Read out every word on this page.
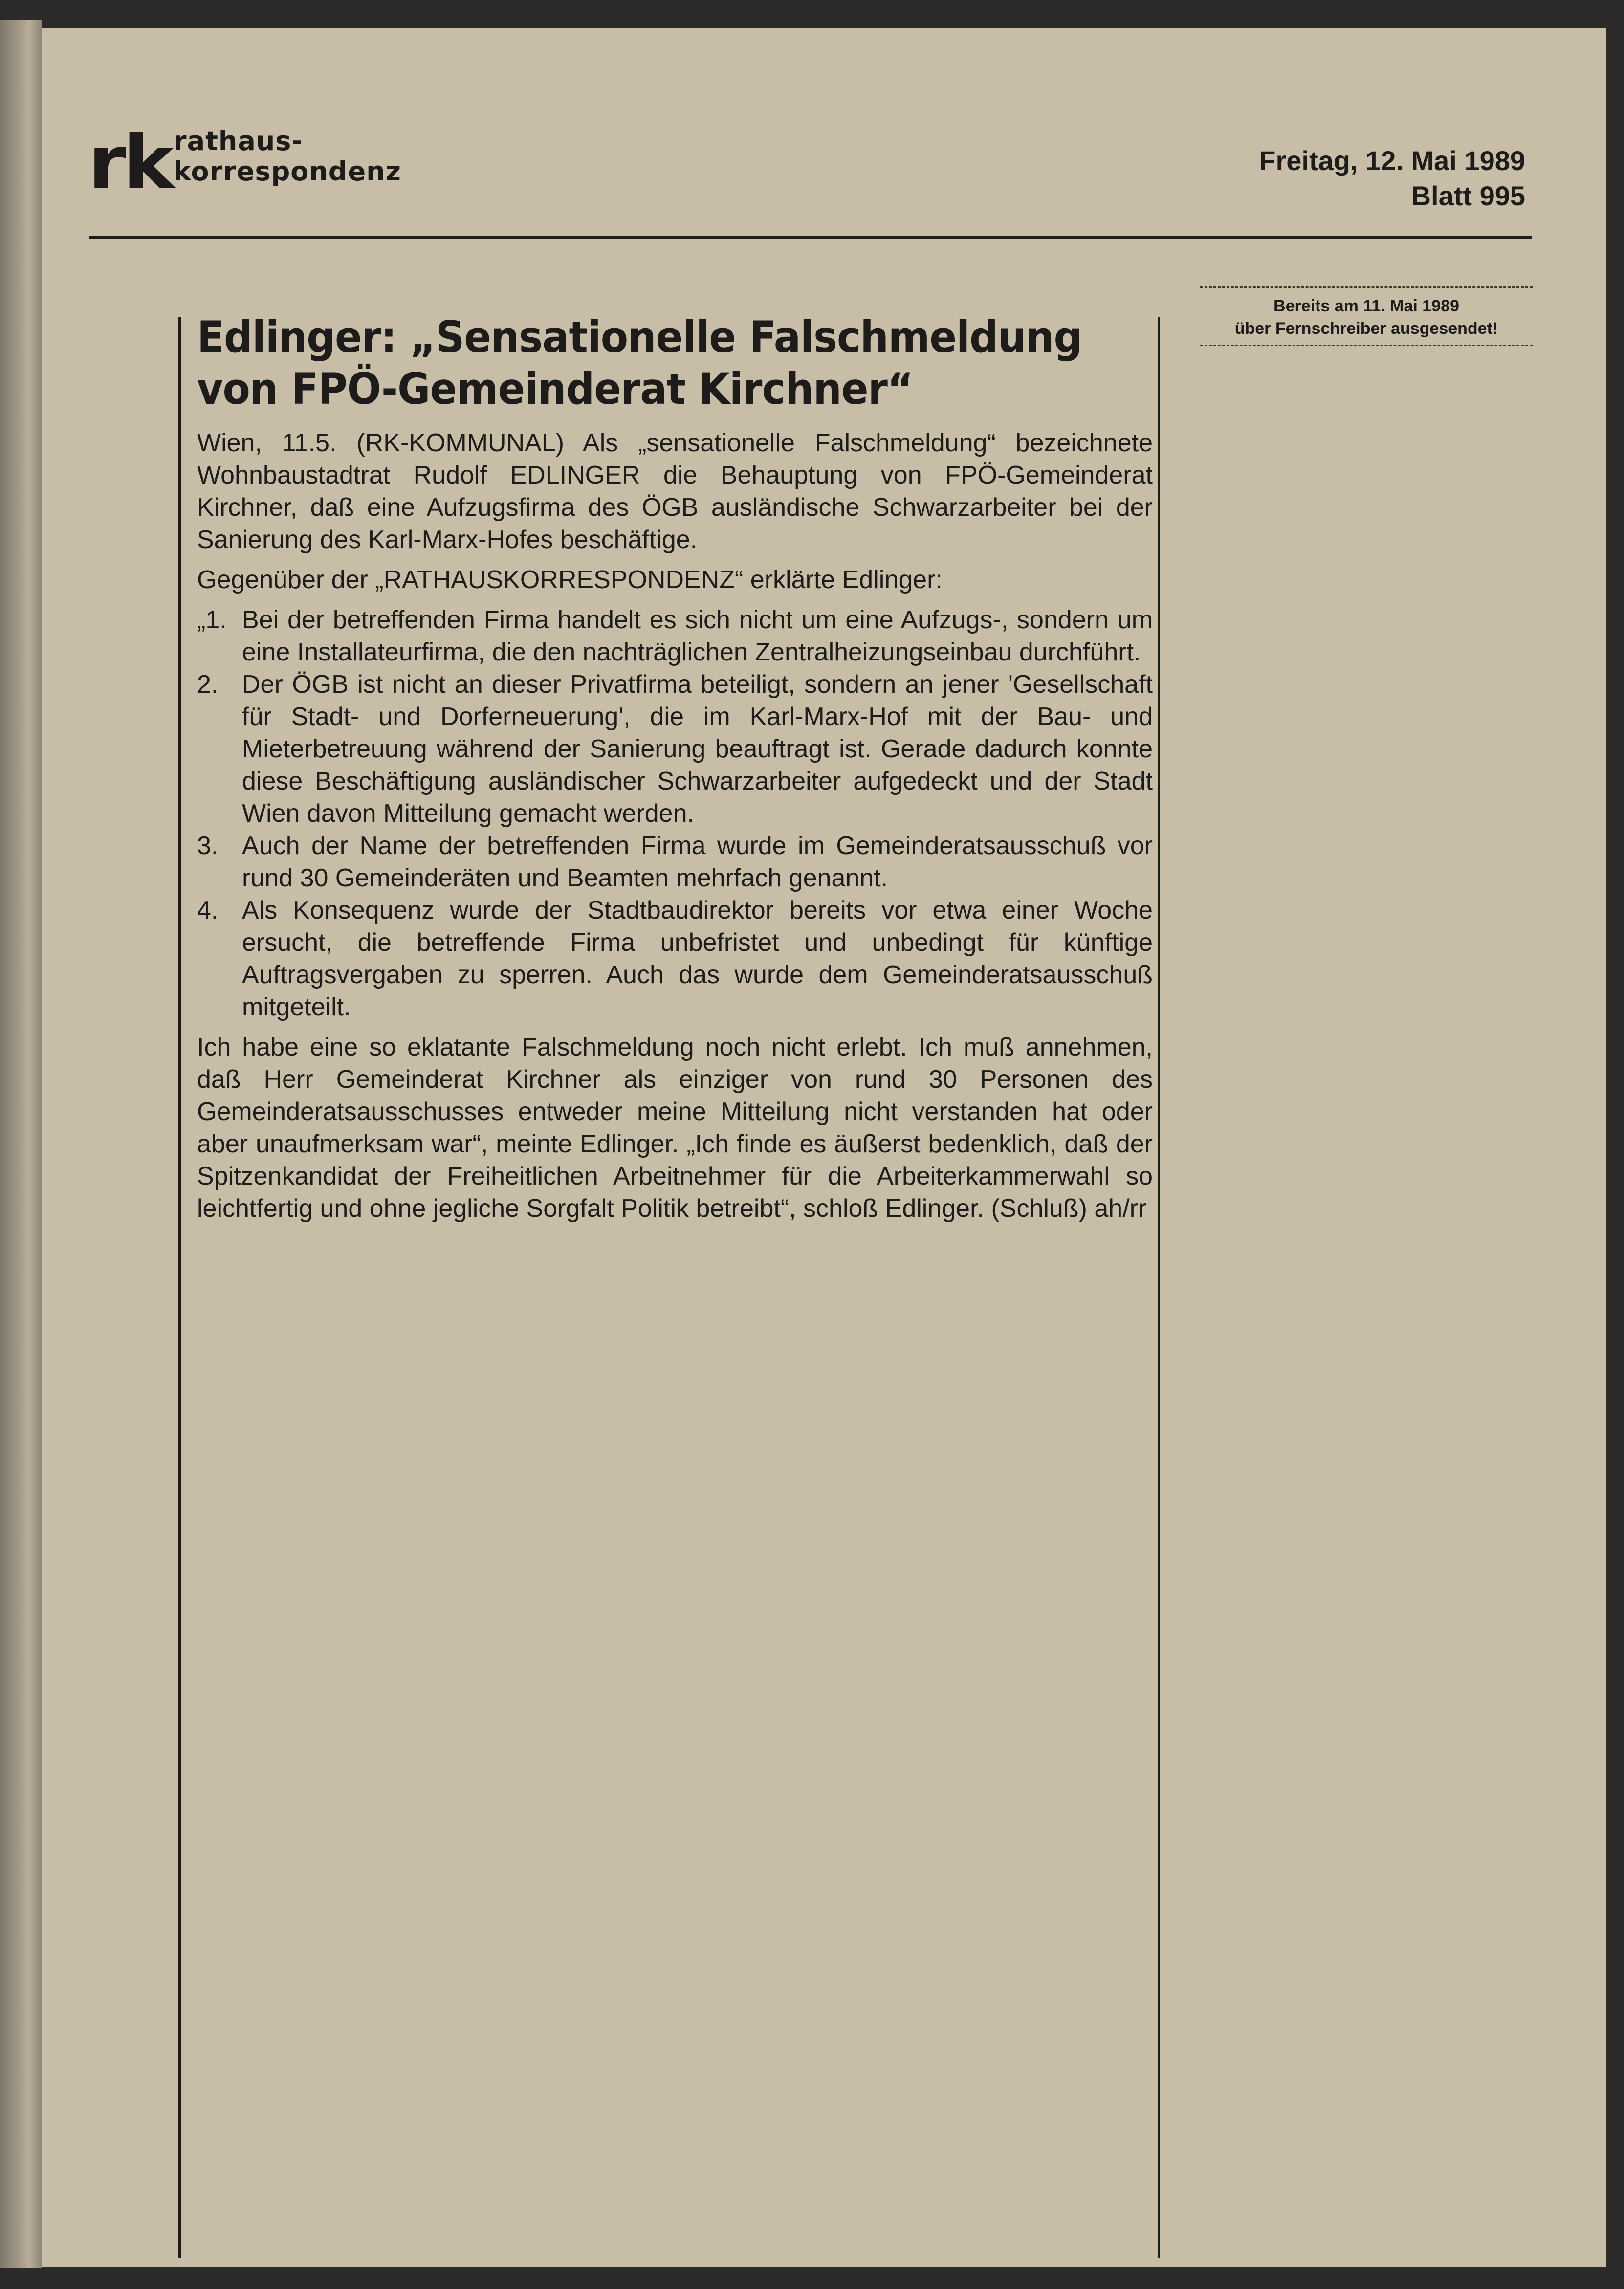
rk rathaus-
korrespondenz	Freitag, 12. Mai 1989
Blatt 995
Bereits am 11. Mai 1989
über Fernschreiber ausgesendet!
Edlinger: „Sensationelle Falschmeldung
von FPÖ-Gemeinderat Kirchner“

Wien, 11.5. (RK-KOMMUNAL) Als „sensationelle Falschmeldung“ bezeichnete Wohnbaustadtrat Rudolf EDLINGER die Behauptung von FPÖ-Gemeinderat Kirchner, daß eine Aufzugsfirma des ÖGB ausländische Schwarzarbeiter bei der Sanierung des Karl-Marx-Hofes beschäftige.

Gegenüber der „RATHAUSKORRESPONDENZ“ erklärte Edlinger:

„1. Bei der betreffenden Firma handelt es sich nicht um eine Aufzugs-, sondern um eine Installateurfirma, die den nachträglichen Zentralheizungseinbau durchführt.
2. Der ÖGB ist nicht an dieser Privatfirma beteiligt, sondern an jener 'Gesellschaft für Stadt- und Dorferneuerung', die im Karl-Marx-Hof mit der Bau- und Mieterbetreuung während der Sanierung beauftragt ist. Gerade dadurch konnte diese Beschäftigung ausländischer Schwarzarbeiter aufgedeckt und der Stadt Wien davon Mitteilung gemacht werden.
3. Auch der Name der betreffenden Firma wurde im Gemeinderatsausschuß vor rund 30 Gemeinderäten und Beamten mehrfach genannt.
4. Als Konsequenz wurde der Stadtbaudirektor bereits vor etwa einer Woche ersucht, die betreffende Firma unbefristet und unbedingt für künftige Auftragsvergaben zu sperren. Auch das wurde dem Gemeinderatsausschuß mitgeteilt.

Ich habe eine so eklatante Falschmeldung noch nicht erlebt. Ich muß annehmen, daß Herr Gemeinderat Kirchner als einziger von rund 30 Personen des Gemeinderatsausschusses entweder meine Mitteilung nicht verstanden hat oder aber unaufmerksam war“, meinte Edlinger. „Ich finde es äußerst bedenklich, daß der Spitzenkandidat der Freiheitlichen Arbeitnehmer für die Arbeiterkammerwahl so leichtfertig und ohne jegliche Sorgfalt Politik betreibt“, schloß Edlinger. (Schluß) ah/rr
